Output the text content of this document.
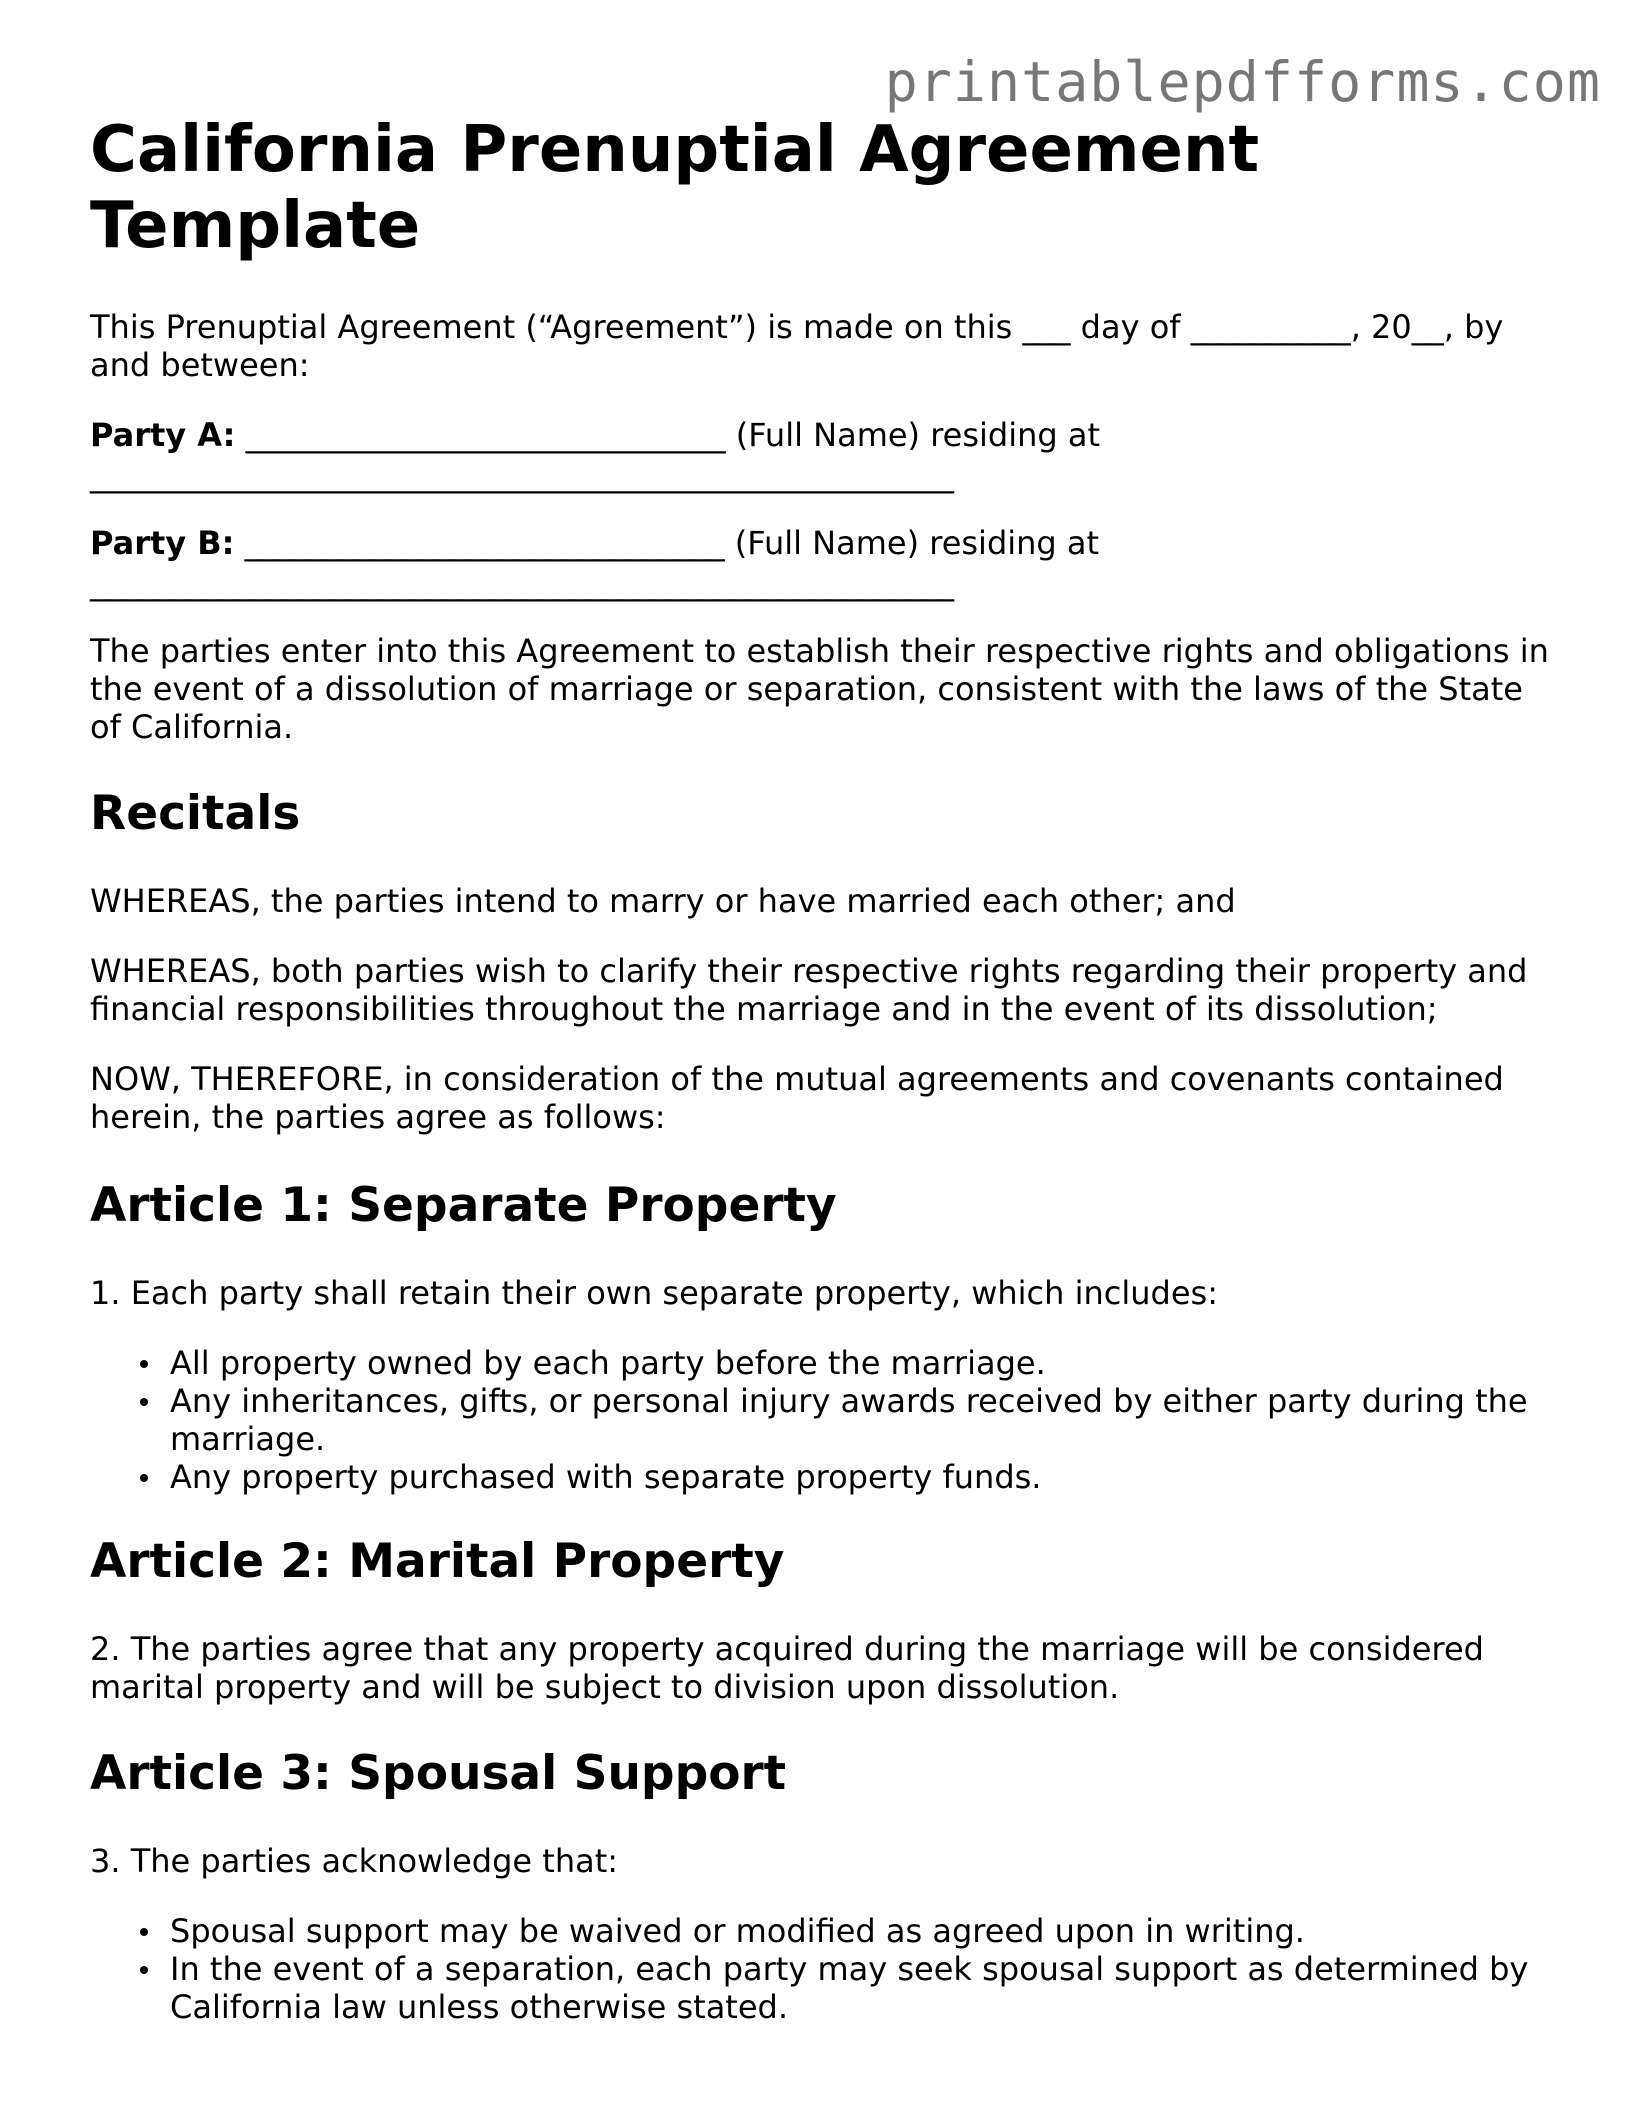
printablepdfforms.com
California Prenuptial Agreement Template

This Prenuptial Agreement (“Agreement”) is made on this ___ day of __________, 20__, by and between:

Party A: ______________________________ (Full Name) residing at

______________________________________________________

Party B: ______________________________ (Full Name) residing at

______________________________________________________

The parties enter into this Agreement to establish their respective rights and obligations in the event of a dissolution of marriage or separation, consistent with the laws of the State of California.

Recitals

WHEREAS, the parties intend to marry or have married each other; and

WHEREAS, both parties wish to clarify their respective rights regarding their property and financial responsibilities throughout the marriage and in the event of its dissolution;

NOW, THEREFORE, in consideration of the mutual agreements and covenants contained herein, the parties agree as follows:

Article 1: Separate Property

1. Each party shall retain their own separate property, which includes:

All property owned by each party before the marriage.
Any inheritances, gifts, or personal injury awards received by either party during the marriage.
Any property purchased with separate property funds.
Article 2: Marital Property

2. The parties agree that any property acquired during the marriage will be considered marital property and will be subject to division upon dissolution.

Article 3: Spousal Support

3. The parties acknowledge that:

Spousal support may be waived or modified as agreed upon in writing.
In the event of a separation, each party may seek spousal support as determined by California law unless otherwise stated.
